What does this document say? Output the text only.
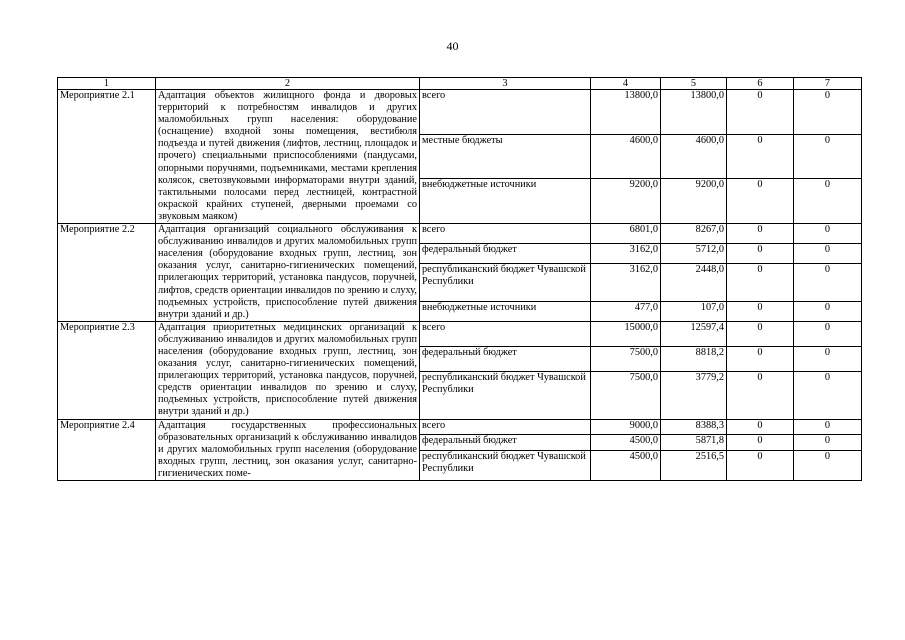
40
1	2	3	4	5	6	7
Мероприятие 2.1	Адаптация объектов жилищного фонда и дворовых территорий к потребностям инвалидов и других маломобильных групп населения: оборудование (оснащение) входной зоны помещения, вестибюля подъезда и путей движения (лифтов, лестниц, площадок и прочего) специальными приспособлениями (пандусами, опорными поручнями, подъемниками, местами крепления колясок, светозвуковыми информаторами внутри зданий, тактильными полосами перед лестницей, контрастной окраской крайних ступеней, дверными проемами со звуковым маяком)	всего	13800,0	13800,0	0	0
		местные бюджеты	4600,0	4600,0	0	0
		внебюджетные источники	9200,0	9200,0	0	0
Мероприятие 2.2	Адаптация организаций социального обслуживания к обслуживанию инвалидов и других маломобильных групп населения (оборудование входных групп, лестниц, зон оказания услуг, санитарно-гигиенических помещений, прилегающих территорий, установка пандусов, поручней, лифтов, средств ориентации инвалидов по зрению и слуху, подъемных устройств, приспособление путей движения внутри зданий и др.)	всего	6801,0	8267,0	0	0
		федеральный бюджет	3162,0	5712,0	0	0
		республиканский бюджет Чувашской Республики	3162,0	2448,0	0	0
		внебюджетные источники	477,0	107,0	0	0
Мероприятие 2.3	Адаптация приоритетных медицинских организаций к обслуживанию инвалидов и других маломобильных групп населения (оборудование входных групп, лестниц, зон оказания услуг, санитарно-гигиенических помещений, прилегающих территорий, установка пандусов, поручней, средств ориентации инвалидов по зрению и слуху, подъемных устройств, приспособление путей движения внутри зданий и др.)	всего	15000,0	12597,4	0	0
		федеральный бюджет	7500,0	8818,2	0	0
		республиканский бюджет Чувашской Республики	7500,0	3779,2	0	0
Мероприятие 2.4	Адаптация государственных профессиональных образовательных организаций к обслуживанию инвалидов и других маломобильных групп населения (оборудование входных групп, лестниц, зон оказания услуг, санитарно-гигиенических поме-	всего	9000,0	8388,3	0	0
		федеральный бюджет	4500,0	5871,8	0	0
		республиканский бюджет Чувашской Республики	4500,0	2516,5	0	0
